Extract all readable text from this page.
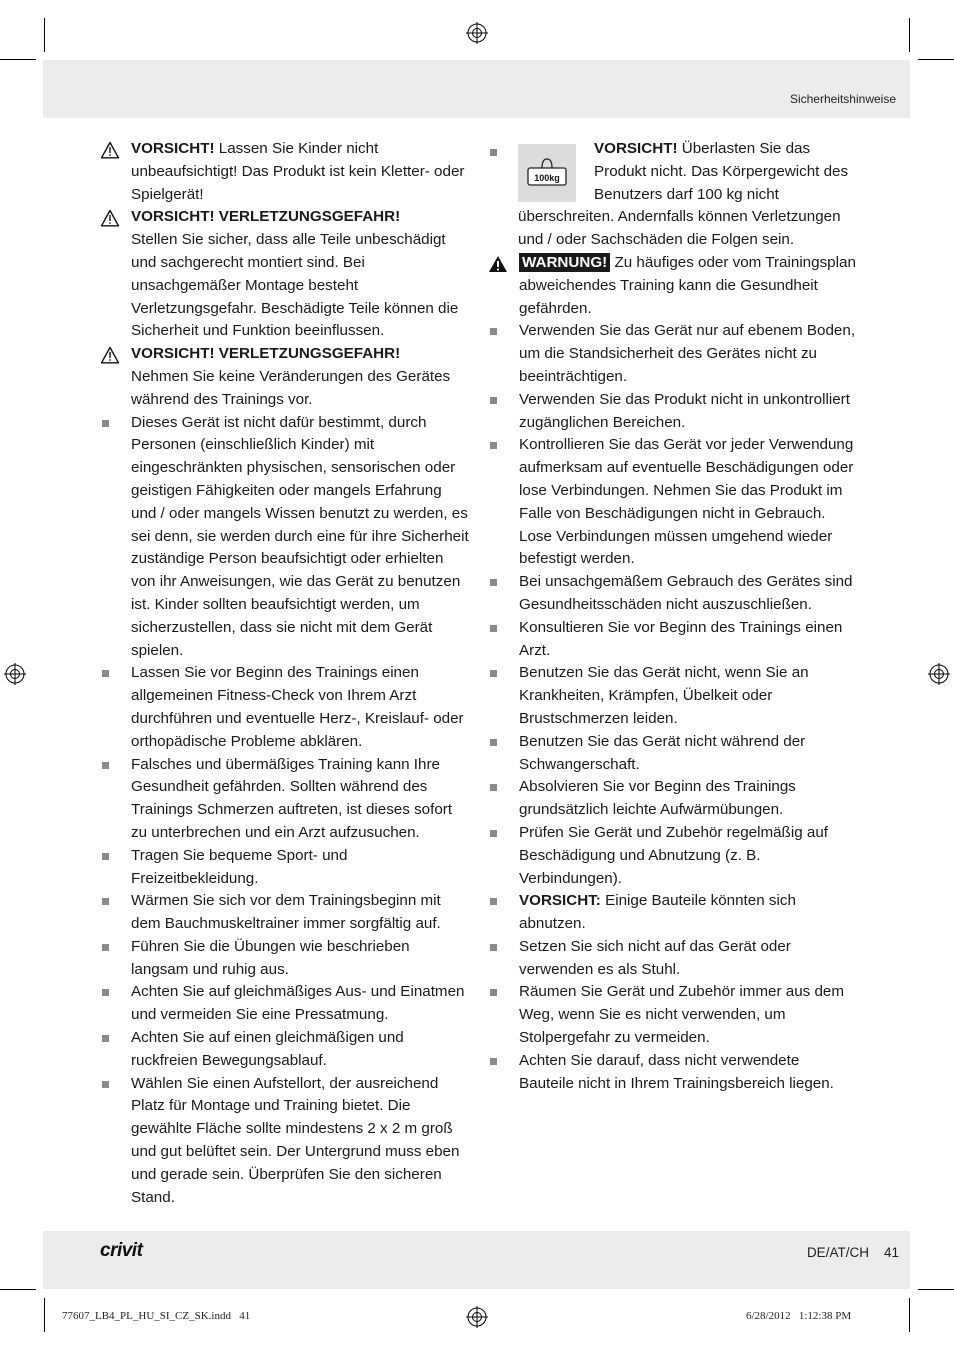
Sicherheitshinweise
VORSICHT! Lassen Sie Kinder nicht unbeaufsichtigt! Das Produkt ist kein Kletter- oder Spielgerät!
VORSICHT! VERLETZUNGSGEFAHR!
Stellen Sie sicher, dass alle Teile unbeschädigt und sachgerecht montiert sind. Bei unsachgemäßer Montage besteht Verletzungsgefahr. Beschädigte Teile können die Sicherheit und Funktion beeinflussen.
VORSICHT! VERLETZUNGSGEFAHR!
Nehmen Sie keine Veränderungen des Gerätes während des Trainings vor.
Dieses Gerät ist nicht dafür bestimmt, durch Personen (einschließlich Kinder) mit eingeschränkten physischen, sensorischen oder geistigen Fähigkeiten oder mangels Erfahrung und / oder mangels Wissen benutzt zu werden, es sei denn, sie werden durch eine für ihre Sicherheit zuständige Person beaufsichtigt oder erhielten von ihr Anweisungen, wie das Gerät zu benutzen ist. Kinder sollten beaufsichtigt werden, um sicherzustellen, dass sie nicht mit dem Gerät spielen.
Lassen Sie vor Beginn des Trainings einen allgemeinen Fitness-Check von Ihrem Arzt durchführen und eventuelle Herz-, Kreislauf- oder orthopädische Probleme abklären.
Falsches und übermäßiges Training kann Ihre Gesundheit gefährden. Sollten während des Trainings Schmerzen auftreten, ist dieses sofort zu unterbrechen und ein Arzt aufzusuchen.
Tragen Sie bequeme Sport- und Freizeitbekleidung.
Wärmen Sie sich vor dem Trainingsbeginn mit dem Bauchmuskeltrainer immer sorgfältig auf.
Führen Sie die Übungen wie beschrieben langsam und ruhig aus.
Achten Sie auf gleichmäßiges Aus- und Einatmen und vermeiden Sie eine Pressatmung.
Achten Sie auf einen gleichmäßigen und ruckfreien Bewegungsablauf.
Wählen Sie einen Aufstellort, der ausreichend Platz für Montage und Training bietet. Die gewählte Fläche sollte mindestens 2 x 2 m groß und gut belüftet sein. Der Untergrund muss eben und gerade sein. Überprüfen Sie den sicheren Stand.
100kg
VORSICHT! Überlasten Sie das Produkt nicht. Das Körpergewicht des Benutzers darf 100 kg nicht überschreiten. Andernfalls können Verletzungen und / oder Sachschäden die Folgen sein.
WARNUNG! Zu häufiges oder vom Trainingsplan abweichendes Training kann die Gesundheit gefährden.
Verwenden Sie das Gerät nur auf ebenem Boden, um die Standsicherheit des Gerätes nicht zu beeinträchtigen.
Verwenden Sie das Produkt nicht in unkontrolliert zugänglichen Bereichen.
Kontrollieren Sie das Gerät vor jeder Verwendung aufmerksam auf eventuelle Beschädigungen oder lose Verbindungen. Nehmen Sie das Produkt im Falle von Beschädigungen nicht in Gebrauch. Lose Verbindungen müssen umgehend wieder befestigt werden.
Bei unsachgemäßem Gebrauch des Gerätes sind Gesundheitsschäden nicht auszuschließen.
Konsultieren Sie vor Beginn des Trainings einen Arzt.
Benutzen Sie das Gerät nicht, wenn Sie an Krankheiten, Krämpfen, Übelkeit oder Brustschmerzen leiden.
Benutzen Sie das Gerät nicht während der Schwangerschaft.
Absolvieren Sie vor Beginn des Trainings grundsätzlich leichte Aufwärmübungen.
Prüfen Sie Gerät und Zubehör regelmäßig auf Beschädigung und Abnutzung (z. B. Verbindungen).
VORSICHT: Einige Bauteile könnten sich abnutzen.
Setzen Sie sich nicht auf das Gerät oder verwenden es als Stuhl.
Räumen Sie Gerät und Zubehör immer aus dem Weg, wenn Sie es nicht verwenden, um Stolpergefahr zu vermeiden.
Achten Sie darauf, dass nicht verwendete Bauteile nicht in Ihrem Trainingsbereich liegen.
crivit	DE/AT/CH 41
77607_LB4_PL_HU_SI_CZ_SK.indd   41	6/28/2012   1:12:38 PM
